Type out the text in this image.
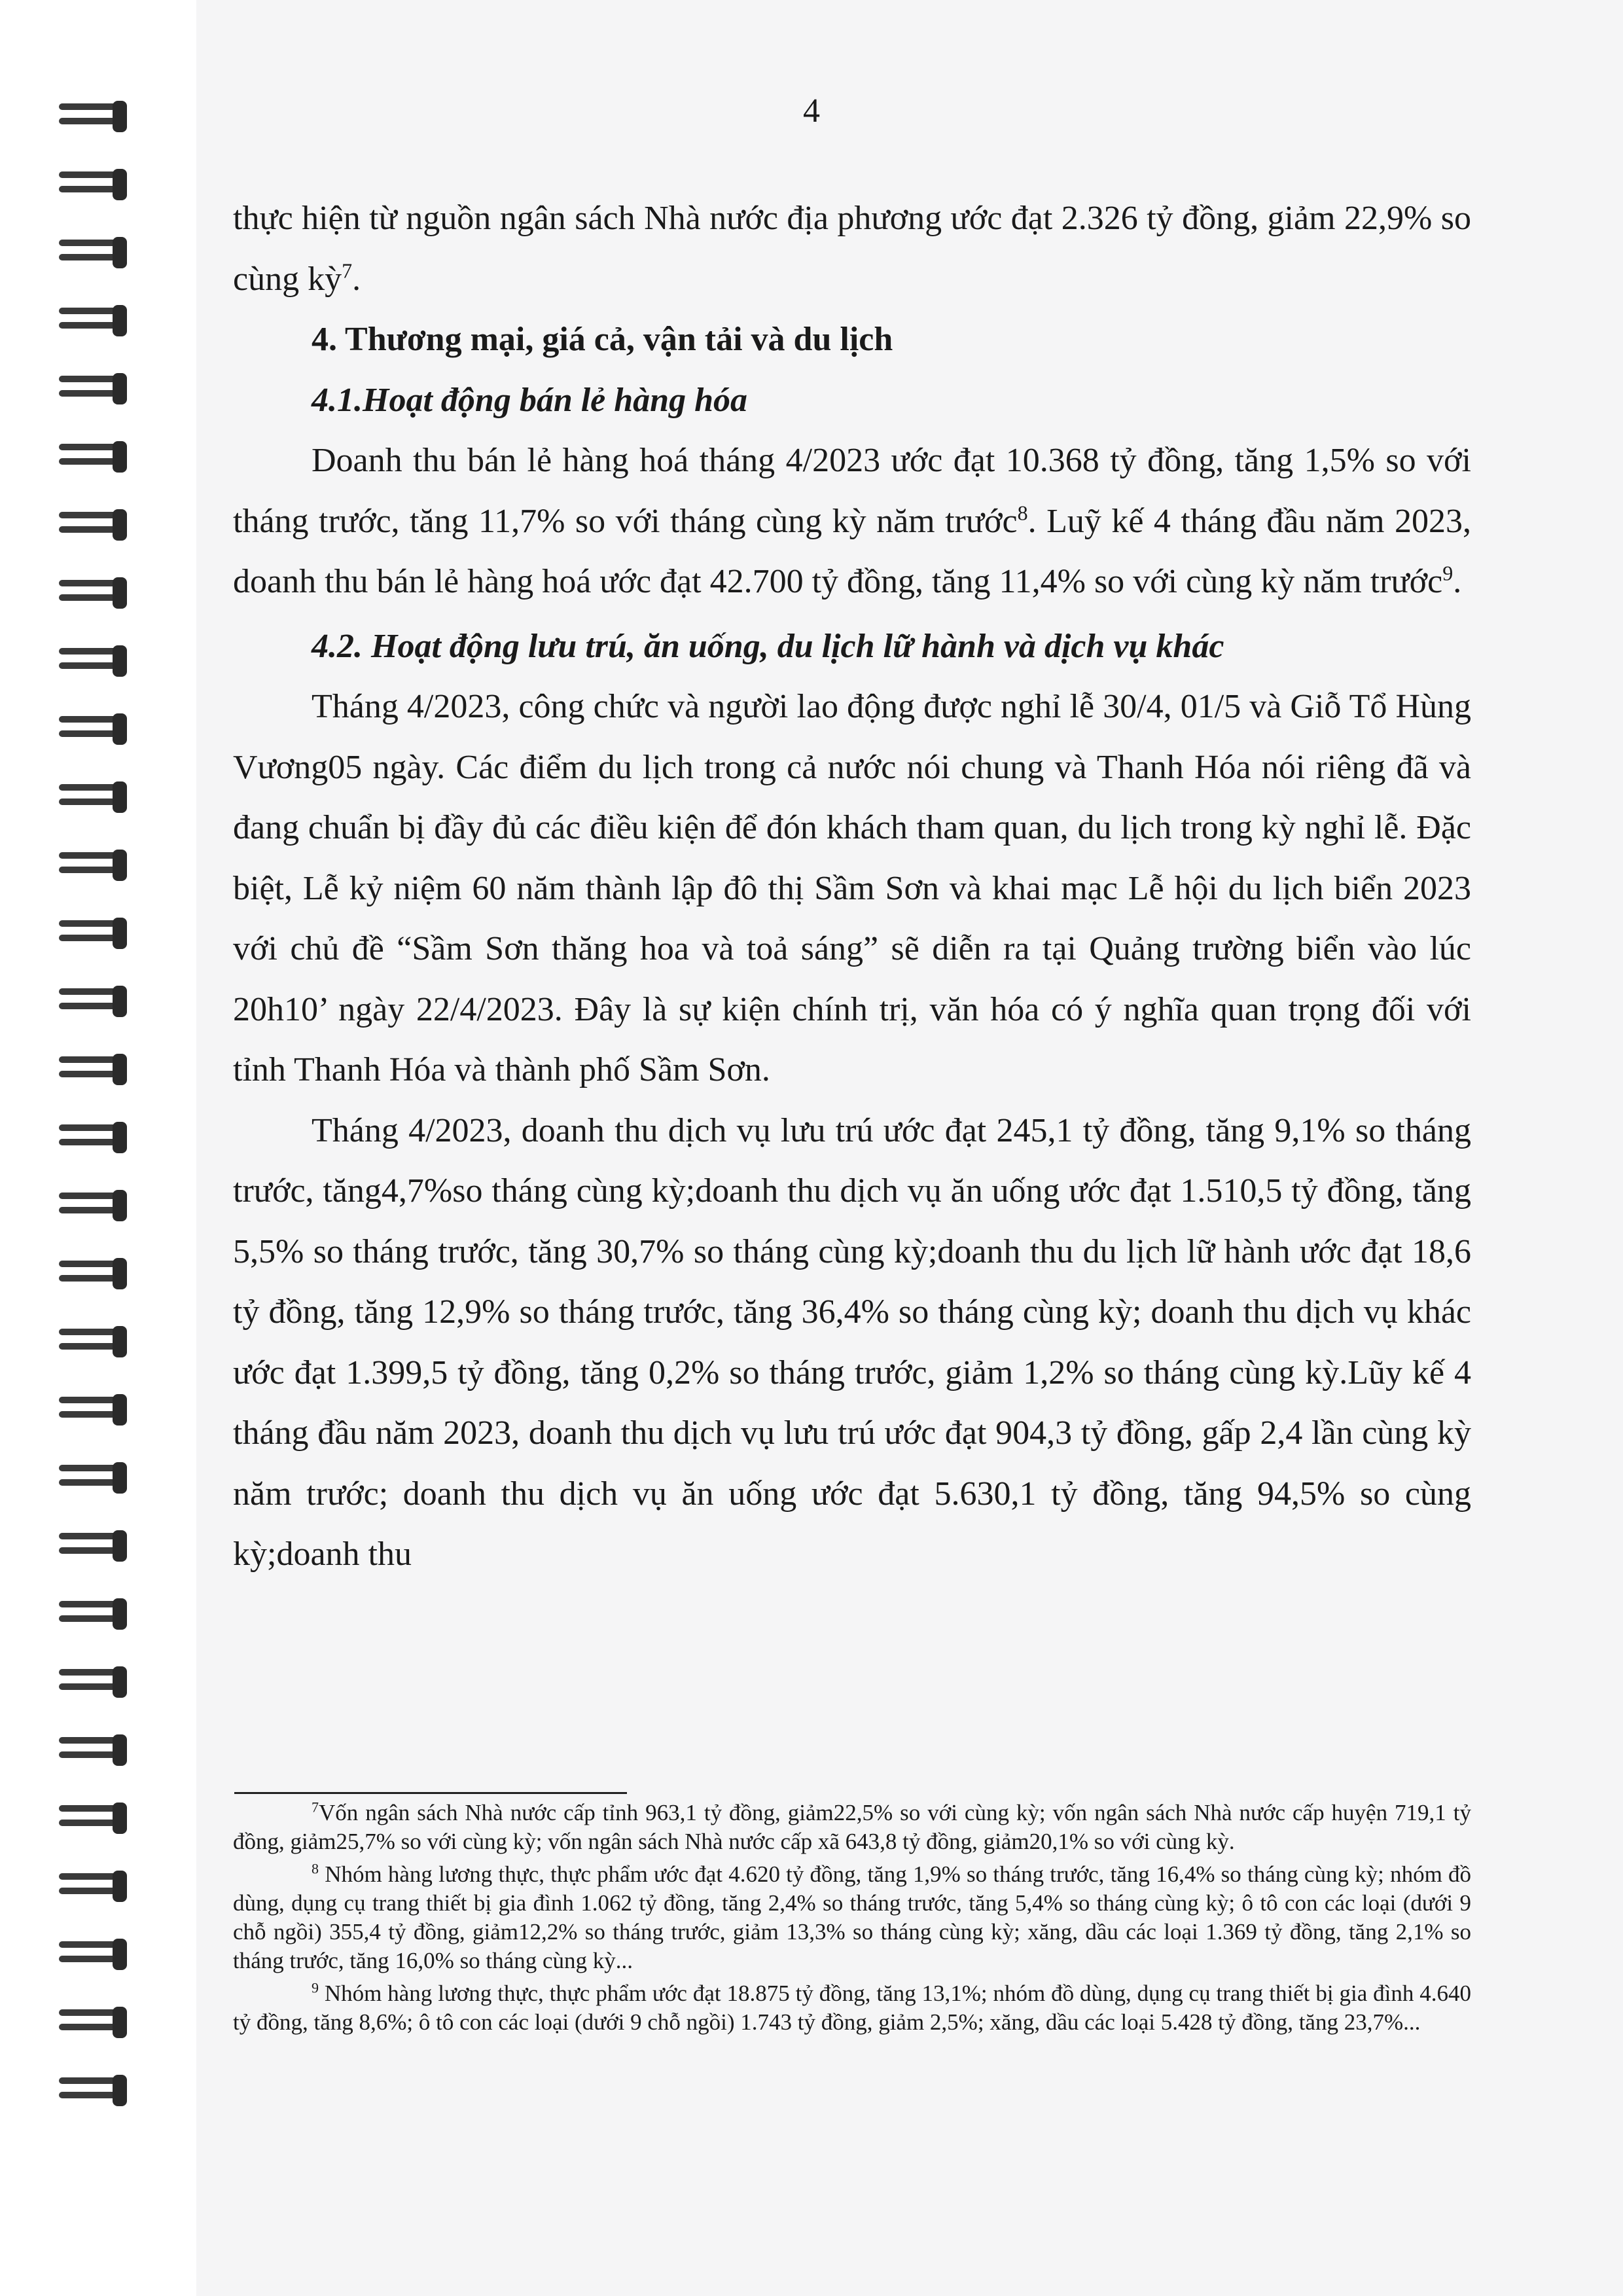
4

thực hiện từ nguồn ngân sách Nhà nước địa phương ước đạt 2.326 tỷ đồng, giảm 22,9% so cùng kỳ$^7$.

4. Thương mại, giá cả, vận tải và du lịch
4.1.Hoạt động bán lẻ hàng hóa

Doanh thu bán lẻ hàng hoá tháng 4/2023 ước đạt 10.368 tỷ đồng, tăng 1,5% so với tháng trước, tăng 11,7% so với tháng cùng kỳ năm trước$^8$. Luỹ kế 4 tháng đầu năm 2023, doanh thu bán lẻ hàng hoá ước đạt 42.700 tỷ đồng, tăng 11,4% so với cùng kỳ năm trước$^9$.

4.2. Hoạt động lưu trú, ăn uống, du lịch lữ hành và dịch vụ khác

Tháng 4/2023, công chức và người lao động được nghỉ lễ 30/4, 01/5 và Giỗ Tổ Hùng Vương05 ngày. Các điểm du lịch trong cả nước nói chung và Thanh Hóa nói riêng đã và đang chuẩn bị đầy đủ các điều kiện để đón khách tham quan, du lịch trong kỳ nghỉ lễ. Đặc biệt, Lễ kỷ niệm 60 năm thành lập đô thị Sầm Sơn và khai mạc Lễ hội du lịch biển 2023 với chủ đề “Sầm Sơn thăng hoa và toả sáng” sẽ diễn ra tại Quảng trường biển vào lúc 20h10’ ngày 22/4/2023. Đây là sự kiện chính trị, văn hóa có ý nghĩa quan trọng đối với tỉnh Thanh Hóa và thành phố Sầm Sơn.

Tháng 4/2023, doanh thu dịch vụ lưu trú ước đạt 245,1 tỷ đồng, tăng 9,1% so tháng trước, tăng4,7%so tháng cùng kỳ;doanh thu dịch vụ ăn uống ước đạt 1.510,5 tỷ đồng, tăng 5,5% so tháng trước, tăng 30,7% so tháng cùng kỳ;doanh thu du lịch lữ hành ước đạt 18,6 tỷ đồng, tăng 12,9% so tháng trước, tăng 36,4% so tháng cùng kỳ; doanh thu dịch vụ khác ước đạt 1.399,5 tỷ đồng, tăng 0,2% so tháng trước, giảm 1,2% so tháng cùng kỳ.Lũy kế 4 tháng đầu năm 2023, doanh thu dịch vụ lưu trú ước đạt 904,3 tỷ đồng, gấp 2,4 lần cùng kỳ năm trước; doanh thu dịch vụ ăn uống ước đạt 5.630,1 tỷ đồng, tăng 94,5% so cùng kỳ;doanh thu

$^7$Vốn ngân sách Nhà nước cấp tỉnh 963,1 tỷ đồng, giảm22,5% so với cùng kỳ; vốn ngân sách Nhà nước cấp huyện 719,1 tỷ đồng, giảm25,7% so với cùng kỳ; vốn ngân sách Nhà nước cấp xã 643,8 tỷ đồng, giảm20,1% so với cùng kỳ.

$^8$ Nhóm hàng lương thực, thực phẩm ước đạt 4.620 tỷ đồng, tăng 1,9% so tháng trước, tăng 16,4% so tháng cùng kỳ; nhóm đồ dùng, dụng cụ trang thiết bị gia đình 1.062 tỷ đồng, tăng 2,4% so tháng trước, tăng 5,4% so tháng cùng kỳ; ô tô con các loại (dưới 9 chỗ ngồi) 355,4 tỷ đồng, giảm12,2% so tháng trước, giảm 13,3% so tháng cùng kỳ; xăng, dầu các loại 1.369 tỷ đồng, tăng 2,1% so tháng trước, tăng 16,0% so tháng cùng kỳ...

$^9$ Nhóm hàng lương thực, thực phẩm ước đạt 18.875 tỷ đồng, tăng 13,1%; nhóm đồ dùng, dụng cụ trang thiết bị gia đình 4.640 tỷ đồng, tăng 8,6%; ô tô con các loại (dưới 9 chỗ ngồi) 1.743 tỷ đồng, giảm 2,5%; xăng, dầu các loại 5.428 tỷ đồng, tăng 23,7%...
